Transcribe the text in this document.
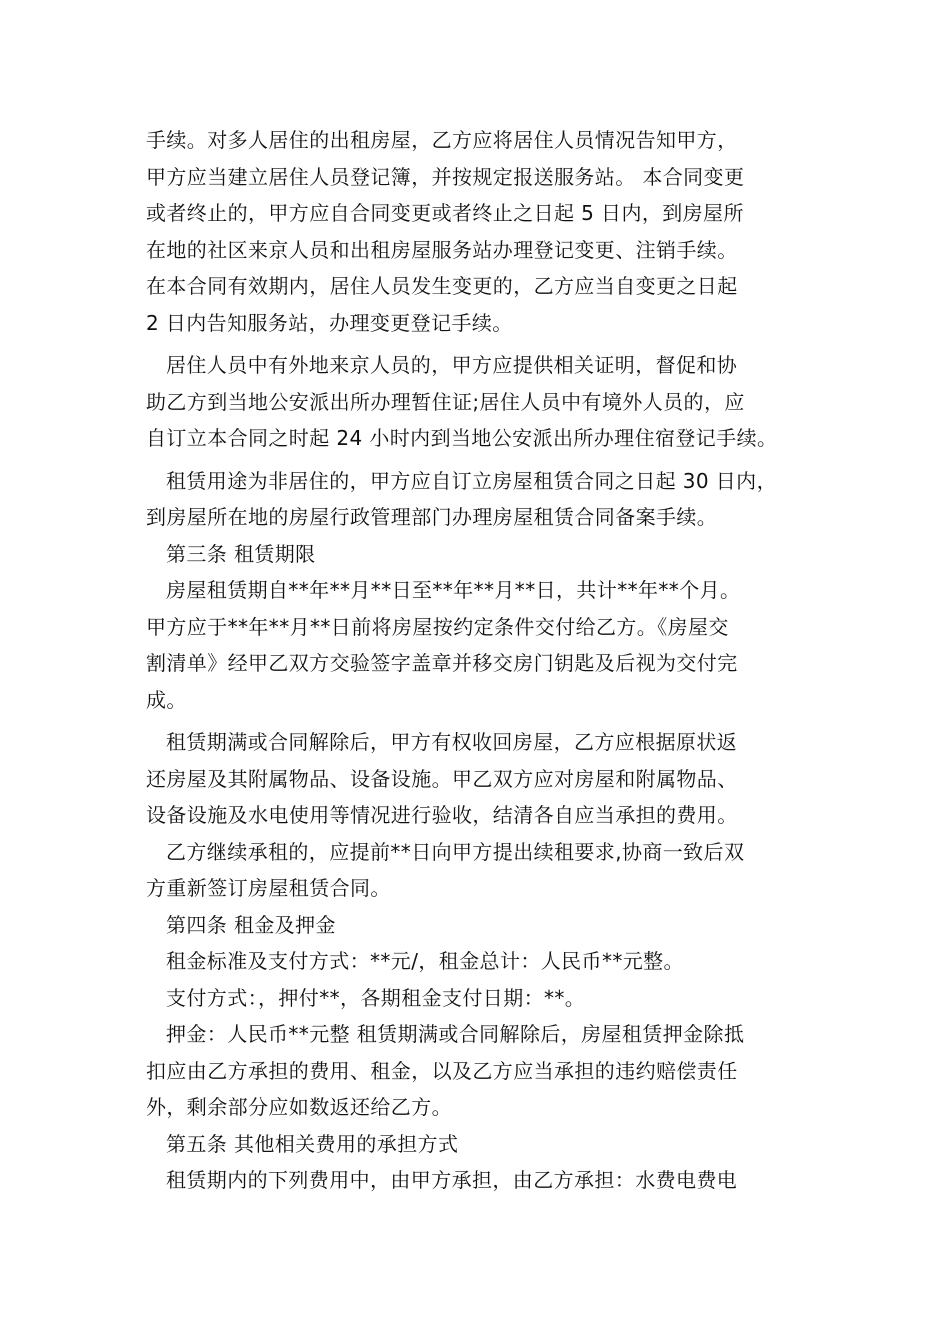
手续。对多人居住的出租房屋，乙方应将居住人员情况告知甲方，
甲方应当建立居住人员登记簿，并按规定报送服务站。 本合同变更
或者终止的，甲方应自合同变更或者终止之日起 5 日内，到房屋所
在地的社区来京人员和出租房屋服务站办理登记变更、注销手续。
在本合同有效期内，居住人员发生变更的，乙方应当自变更之日起
2 日内告知服务站，办理变更登记手续。
居住人员中有外地来京人员的，甲方应提供相关证明，督促和协
助乙方到当地公安派出所办理暂住证;居住人员中有境外人员的，应
自订立本合同之时起 24 小时内到当地公安派出所办理住宿登记手续。
租赁用途为非居住的，甲方应自订立房屋租赁合同之日起 30 日内，
到房屋所在地的房屋行政管理部门办理房屋租赁合同备案手续。
第三条 租赁期限
房屋租赁期自**年**月**日至**年**月**日，共计**年**个月。
甲方应于**年**月**日前将房屋按约定条件交付给乙方。《房屋交
割清单》经甲乙双方交验签字盖章并移交房门钥匙及后视为交付完
成。
租赁期满或合同解除后，甲方有权收回房屋，乙方应根据原状返
还房屋及其附属物品、设备设施。甲乙双方应对房屋和附属物品、
设备设施及水电使用等情况进行验收，结清各自应当承担的费用。
乙方继续承租的，应提前**日向甲方提出续租要求,协商一致后双
方重新签订房屋租赁合同。
第四条 租金及押金
租金标准及支付方式：**元/，租金总计：人民币**元整。
支付方式：，押付**，各期租金支付日期：**。
押金：人民币**元整 租赁期满或合同解除后，房屋租赁押金除抵
扣应由乙方承担的费用、租金，以及乙方应当承担的违约赔偿责任
外，剩余部分应如数返还给乙方。
第五条 其他相关费用的承担方式
租赁期内的下列费用中，由甲方承担，由乙方承担：水费电费电
